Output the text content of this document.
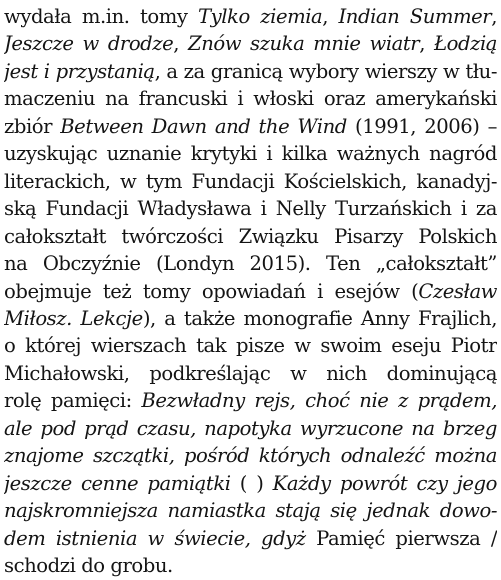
wydała m.in. tomy Tylko ziemia, Indian Summer,
Jeszcze w drodze, Znów szuka mnie wiatr, Łodzią
jest i przystanią, a za granicą wybory wierszy w tłu-
maczeniu na francuski i włoski oraz amerykański
zbiór Between Dawn and the Wind (1991, 2006) –
uzyskując uznanie krytyki i kilka ważnych nagród
literackich, w tym Fundacji Kościelskich, kanadyj-
ską Fundacji Władysława i Nelly Turzańskich i za
całokształt twórczości Związku Pisarzy Polskich
na Obczyźnie (Londyn 2015). Ten „całokształt”
obejmuje też tomy opowiadań i esejów (Czesław
Miłosz. Lekcje), a także monografie Anny Frajlich,
o której wierszach tak pisze w swoim eseju Piotr
Michałowski, podkreślając w nich dominującą
rolę pamięci: Bezwładny rejs, choć nie z prądem,
ale pod prąd czasu, napotyka wyrzucone na brzeg
znajome szczątki, pośród których odnaleźć można
jeszcze cenne pamiątki ( ) Każdy powrót czy jego
najskromniejsza namiastka stają się jednak dowo-
dem istnienia w świecie, gdyż Pamięć pierwsza /
schodzi do grobu.
